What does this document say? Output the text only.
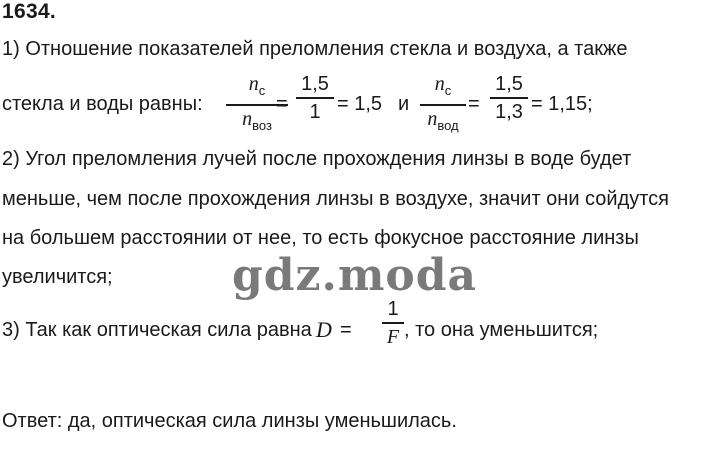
1634.
1) Отношение показателей преломления стекла и воздуха, а также
стекла и воды равны:
$n_с$
$n_{воз}$
=
1,5
1 = 1,5 и
$n_с$
$n_{вод}$
=
1,5
1,3 = 1,15;
2) Угол преломления лучей после прохождения линзы в воде будет
меньше, чем после прохождения линзы в воздухе, значит они сойдутся
на большем расстоянии от нее, то есть фокусное расстояние линзы
увеличится;	gdz.moda
3) Так как оптическая сила равна D =
1
F , то она уменьшится;
Ответ: да, оптическая сила линзы уменьшилась.
